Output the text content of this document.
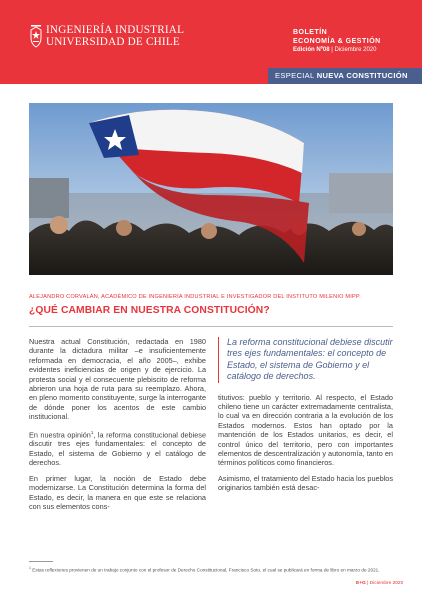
INGENIERÍA INDUSTRIAL
UNIVERSIDAD DE CHILE
BOLETÍN
ECONOMÍA & GESTIÓN
Edición Nº08 | Diciembre 2020
ESPECIAL NUEVA CONSTITUCIÓN
ALEJANDRO CORVALÁN, ACADÉMICO DE INGENIERÍA INDUSTRIAL E INVESTIGADOR DEL INSTITUTO MILENIO MIPP.
¿QUÉ CAMBIAR EN NUESTRA CONSTITUCIÓN?

Nuestra actual Constitución, redactada en 1980 durante la dictadura militar –e insuficientemente reformada en democracia, el año 2005–, exhibe evidentes ineficiencias de origen y de ejercicio. La protesta social y el consecuente plebiscito de reforma abrieron una hoja de ruta para su reemplazo. Ahora, en pleno momento constituyente, surge la interrogante de dónde poner los acentos de este cambio institucional.

En nuestra opinión$^1$, la reforma constitucional debiese discutir tres ejes fundamentales: el concepto de Estado, el sistema de Gobierno y el catálogo de derechos.

En primer lugar, la noción de Estado debe modernizarse. La Constitución determina la forma del Estado, es decir, la manera en que este se relaciona con sus elementos cons-

La reforma constitucional debiese discutir tres ejes fundamentales: el concepto de Estado, el sistema de Gobierno y el catálogo de derechos.

titutivos: pueblo y territorio. Al respecto, el Estado chileno tiene un carácter extremadamente centralista, lo cual va en dirección contraria a la evolución de los Estados modernos. Estos han optado por la mantención de los Estados unitarios, es decir, el control único del territorio, pero con importantes elementos de descentralización y autonomía, tanto en términos políticos como financieros.

Asimismo, el tratamiento del Estado hacia los pueblos originarios también está desac-

$^1$ Estas reflexiones provienen de un trabajo conjunto con el profesor de Derecho Constitucional, Francisco Soto, el cual se publicará en forma de libro en marzo de 2021.
E+G | Diciembre 2020
